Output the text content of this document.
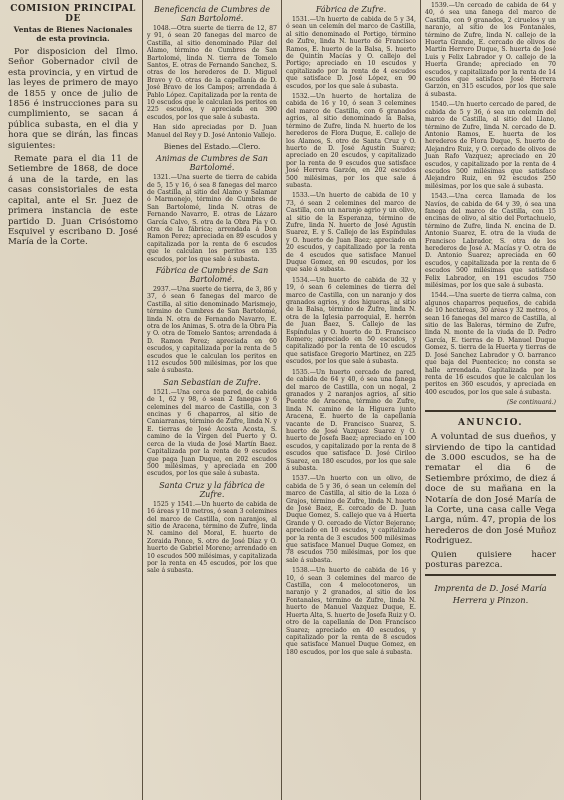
COMISION PRINCIPAL DE
Ventas de Bienes Nacionales de esta provincia.

Por disposicion del Ilmo. Señor Gobernador civil de esta provincia, y en virtud de las leyes de primero de mayo de 1855 y once de julio de 1856 é instrucciones para su cumplimiento, se sacan á pública subasta, en el dia y hora que se dirán, las fincas siguientes:

Remate para el dia 11 de Setiembre de 1868, de doce á una de la tarde, en las casas consistoriales de esta capital, ante el Sr. Juez de primera instancia de este partido D. Juan Crisóstomo Esquivel y escribano D. José María de la Corte.

Beneficencia de Cumbres de San Bartolomé.

1048.—Otra suerte de tierra de 12, 87 y 91, ó sean 20 fanegas del marco de Castilla, al sitio denominado Pilar del Alamo, término de Cumbres de San Bartolomé, linda N. tierra de Tomelo Santos, E. otras de Fernando Sanchez, S. otras de los herederos de D. Miguel Bravo y O. otras de la capellanía de D. José Bravo de los Campos; arrendada á Pablo López. Capitalizada por la renta de 10 escudos que le calculan los peritos en 225 escudos, y apreciada en 390 escudos, por los que sale á subasta.

Han sido apreciadas por D. Juan Manuel del Rey y D. José Antonio Vallejo.

Bienes del Estado.—Clero.
Animas de Cumbres de San Bartolomé.

1321.—Una suerte de tierra de cabida de 5, 15 y 16, ó sea 8 fanegas del marco de Castilla, al sitio del Alamo y Salamar ó Marmonejo, término de Cumbres de San Bartolomé, linda N. otras de Fernando Navarro, E. otras de Lázaro García Calvo, S. otra de la Obra Pía y O. otra de la fábrica; arrendada á Don Ramon Perez; apreciada en 89 escudos y capitalizada por la renta de 6 escudos que le calculan los peritos en 135 escudos, por los que sale á subasta.

Fábrica de Cumbres de San Bartolomé.

2937.—Una suerte de tierra, de 3, 86 y 37, ó sean 6 fanegas del marco de Castilla, al sitio denominado Marismejo, término de Cumbres de San Bartolomé, linda N. otra de Fernando Navarro, E. otra de los Animas, S. otra de la Obra Pía y O. otra de Tomelo Santos; arrendada á D. Ramon Perez; apreciada en 60 escudos, y capitalizada por la renta de 5 escudos que le calculan los peritos en 112 escudos 500 milésimas, por los que sale á subasta.

San Sebastian de Zufre.

1521.—Una cerca de pared, de cabida de 1, 62 y 98, ó sean 2 fanegas y 6 celemines del marco de Castilla, con 3 encinas y 6 chaparros, al sitio de Caniarranas, término de Zufre, linda N. y E. tierras de José Acosta Acosta, S. camino de la Vírgen del Puerto y O. cerca de la viuda de José Martín Baez. Capitalizada por la renta de 9 escudos que paga Juan Duque, en 202 escudos 500 milésimas, y apreciada en 200 escudos, por los que sale á subasta.

Santa Cruz y la fábrica de Zufre.

1525 y 1541.—Un huerto de cabida de 16 áreas y 10 metros, ó sean 3 celemines del marco de Castilla, con naranjos, al sitio de Aracena, término de Zufre, linda N. camino del Moral, E. huerto de Zoraida Ponce, S. otro de José Díaz y O. huerto de Gabriel Moreno; arrendado en 10 escudos 500 milésimas, y capitalizada por la renta en 45 escudos, por los que sale á subasta.

Fábrica de Zufre.

1531.—Un huerto de cabida de 5 y 34, ó sean un celemín del marco de Castilla, al sitio denominado el Portigo, término de Zufre, linda N. huerto de Francisco Ramos, E. huerto de la Balsa, S. huerto de Quintín Macías y O. callejo del Portigo; apreciado en 10 escudos y capitalizado por la renta de 4 escudos que satisface D. José López, en 90 escudos, por los que sale á subasta.

1532.—Un huerto de hortaliza de cabida de 16 y 10, ó sean 3 celemines del marco de Castilla, con 6 granados agrios, al sitio denominado la Balsa, término de Zufre, linda N. huerto de los herederos de Flora Duque, E. callejo de los Alamos, S. otro de Santa Cruz y O. huerto de D. José Agustín Suarez; apreciado en 20 escudos, y capitalizado por la renta de 9 escudos que satisface José Herrera Garzón, en 202 escudos 500 milésimas, por los que sale á subasta.

1533.—Un huerto de cabida de 10 y 73, ó sean 2 celemines del marco de Castilla, con un naranjo agrio y un olivo, al sitio de la Esperanza, término de Zufre, linda N. huerto de José Agustín Suarez, E. y S. Callejo de las Espíndulas y O. huerto de Juan Baez; apreciado en 20 escudos, y capitalizado por la renta de 4 escudos que satisface Manuel Duque Gomez, en 90 escudos, por los que sale á subasta.

1534.—Un huerto de cabida de 32 y 19, ó sean 6 celemines de tierra del marco de Castilla, con un naranjo y dos granados agrios, y dos higueras, al sitio de la Balsa, término de Zufre, linda N. otra de la Iglesia parroquial, E. herrón de Juan Baez, S. Callejo de las Espíndulas y O. huerto de D. Francisco Romero; apreciado en 50 escudos, y capitalizado por la renta de 10 escudos que satisface Gregorio Martinez, en 225 escudos, por los que sale á subasta.

1535.—Un huerto cercado de pared, de cabida de 64 y 40, ó sea una fanega del marco de Castilla, con un nogal, 2 granados y 2 naranjos agrios, al sitio Puente de Aracena, término de Zufre, linda N. camino de la Higuera junto Aracena, E. huerto de la capellanía vacante de D. Francisco Suarez, S. huerto de José Vazquez Suarez y O. huerto de Josefa Baez; apreciado en 100 escudos, y capitalizado por la renta de 8 escudos que satisface D. José Ciriloo Suarez, en 180 escudos, por los que sale á subasta.

1537.—Un huerto con un olivo, de cabida de 5 y 36, ó sean un celemín del marco de Castilla, al sitio de la Loza ó Grajos, término de Zufre, linda N. huerto de José Baez, E. cercado de D. Juan Duque Gomez, S. callejo que va á Huerta Grande y O. cercado de Víctor Bejerano; apreciado en 10 escudos, y capitalizado por la renta de 3 escudos 500 milésimas que satisface Manuel Duque Gomez, en 78 escudos 750 milésimas, por los que sale á subasta.

1538.—Un huerto de cabida de 16 y 10, ó sean 3 celemines del marco de Castilla, con 4 melocotoneros, un naranjo y 2 granados, al sitio de los Fontanales, término de Zufre, linda N. huerto de Manuel Vazquez Duque, E. Huerta Alta, S. huerto de Josefa Ruiz y O. otro de la capellanía de Don Francisco Suarez; apreciado en 40 escudos, y capitalizado por la renta de 8 escudos que satisface Manuel Duque Gomez, en 180 escudos, por los que sale á subasta.

1539.—Un cercado de cabida de 64 y 40, ó sea una fanega del marco de Castilla, con 9 granados, 2 ciruelos y un naranjo, al sitio de los Fontanales, término de Zufre, linda N. callejo de la Huerta Grande, E. cercado de olivos de Martín Herrero Duque, S. huerta de José Luis y Felix Labrador y O. callejo de la Huerta Grande; apreciado en 70 escudos, y capitalizado por la renta de 14 escudos que satisface José Herrera Garzón, en 315 escudos, por los que sale á subasta.

1540.—Un huerto cercado de pared, de cabida de 5 y 36, ó sea un celemín del marco de Castilla, al sitio del Llano, término de Zufre, linda N. cercado de D. Antonio Ramos, E. huerta de los herederos de Flora Duque, S. huerto de Alejandro Ruiz, y O. cercado de olivos de Juan Rafo Vazquez; apreciado en 20 escudos, y capitalizado por la renta de 4 escudos 500 milésimas que satisface Alejandro Ruiz, en 92 escudos 250 milésimas, por los que sale á subasta.

1543.—Una cerca llamada de los Navíos, de cabida de 64 y 39, ó sea una fanega del marco de Castilla, con 15 encinas de olivo, al sitio del Portachuelo, término de Zufre, linda N. encina de D. Antonio Suarez, E. otra de la viuda de Francisco Labrador, S. otra de los herederos de José A. Macías y O. otra de D. Antonio Suarez; apreciada en 60 escudos, y capitalizada por la renta de 6 escudos 500 milésimas que satisface Felix Labrador, en 191 escudos 750 milésimas, por los que sale á subasta.

1544.—Una suerte de tierra calma, con algunos chaparros pequeños, de cabida de 10 hectáreas, 30 áreas y 32 metros, ó sean 16 fanegas del marco de Castilla, al sitio de las Baleras, término de Zufre, linda N. monte de la viuda de D. Pedro García, E. tierras de D. Manuel Duque Gomez, S. tierra de la Huerta y tierras de D. José Sanchez Labrador y O. barranco que baja del Puentecico; no consta se halle arrendada. Capitalizada por la renta de 16 escudos que le calculan los peritos en 360 escudos, y apreciada en 400 escudos, por los que sale á subasta.

(Se continuará.)
ANUNCIO.

A voluntad de sus dueños, y sirviendo de tipo la cantidad de 3.000 escudos, se ha de rematar el dia 6 de Setiembre próximo, de diez á doce de su mañana en la Notaría de don José María de la Corte, una casa calle Vega Larga, núm. 47, propia de los herederos de don José Muñoz Rodriguez.

Quien quisiere hacer posturas parezca.

Imprenta de D. José María Herrera y Pinzon.
